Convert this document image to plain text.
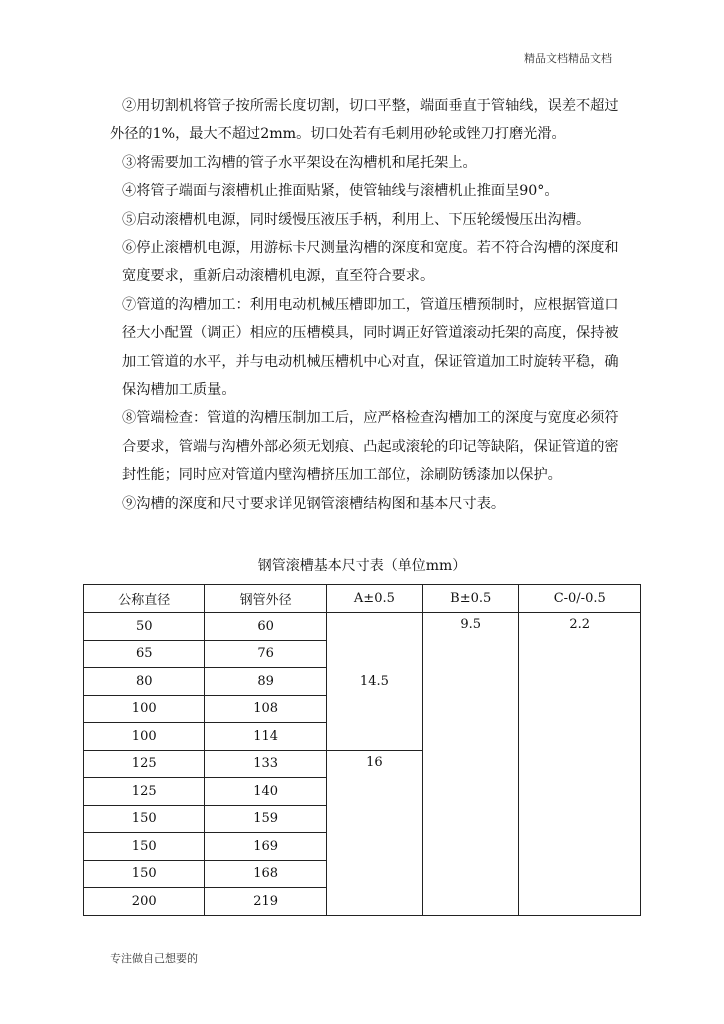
精品文档精品文档

②用切割机将管子按所需长度切割，切口平整，端面垂直于管轴线，误差不超过外径的1%，最大不超过2mm。切口处若有毛刺用砂轮或锉刀打磨光滑。

③将需要加工沟槽的管子水平架设在沟槽机和尾托架上。

④将管子端面与滚槽机止推面贴紧，使管轴线与滚槽机止推面呈90°。

⑤启动滚槽机电源，同时缓慢压液压手柄，利用上、下压轮缓慢压出沟槽。

⑥停止滚槽机电源，用游标卡尺测量沟槽的深度和宽度。若不符合沟槽的深度和宽度要求，重新启动滚槽机电源，直至符合要求。

⑦管道的沟槽加工：利用电动机械压槽即加工，管道压槽预制时，应根据管道口径大小配置（调正）相应的压槽模具，同时调正好管道滚动托架的高度，保持被加工管道的水平，并与电动机械压槽机中心对直，保证管道加工时旋转平稳，确保沟槽加工质量。

⑧管端检查：管道的沟槽压制加工后，应严格检查沟槽加工的深度与宽度必须符合要求，管端与沟槽外部必须无划痕、凸起或滚轮的印记等缺陷，保证管道的密封性能；同时应对管道内壁沟槽挤压加工部位，涂刷防锈漆加以保护。

⑨沟槽的深度和尺寸要求详见钢管滚槽结构图和基本尺寸表。

钢管滚槽基本尺寸表（单位mm）
公称直径	钢管外径	A±0.5	B±0.5	C-0/-0.5
50	60	14.5	9.5	2.2
65	76			
80	89			
100	108			
100	114			
125	133	16		
125	140			
150	159			
150	169			
150	168			
200	219			
专注做自己想要的
